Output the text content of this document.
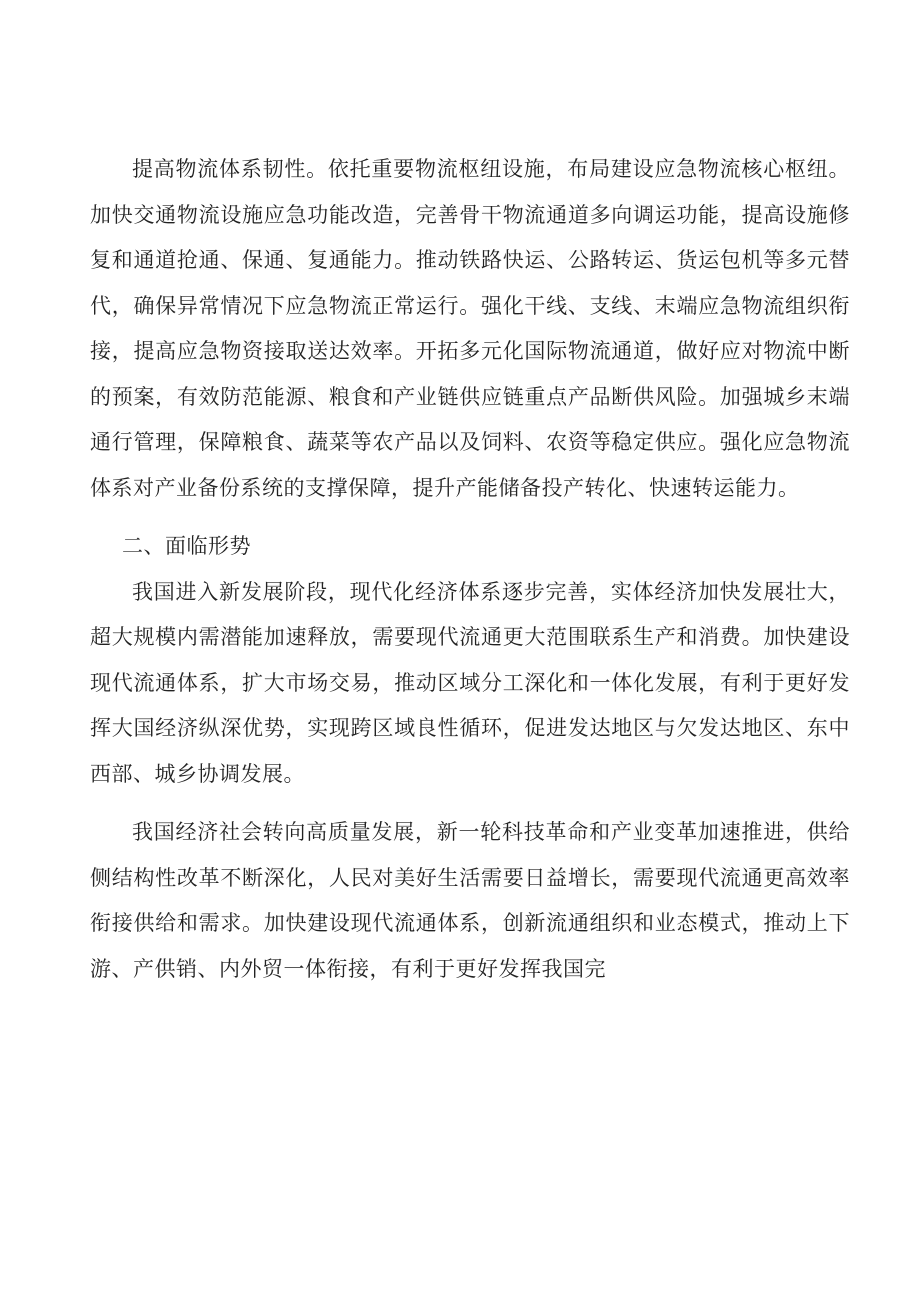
提高物流体系韧性。依托重要物流枢纽设施，布局建设应急物流核心枢纽。加快交通物流设施应急功能改造，完善骨干物流通道多向调运功能，提高设施修复和通道抢通、保通、复通能力。推动铁路快运、公路转运、货运包机等多元替代，确保异常情况下应急物流正常运行。强化干线、支线、末端应急物流组织衔接，提高应急物资接取送达效率。开拓多元化国际物流通道，做好应对物流中断的预案，有效防范能源、粮食和产业链供应链重点产品断供风险。加强城乡末端通行管理，保障粮食、蔬菜等农产品以及饲料、农资等稳定供应。强化应急物流体系对产业备份系统的支撑保障，提升产能储备投产转化、快速转运能力。

二、面临形势

我国进入新发展阶段，现代化经济体系逐步完善，实体经济加快发展壮大，超大规模内需潜能加速释放，需要现代流通更大范围联系生产和消费。加快建设现代流通体系，扩大市场交易，推动区域分工深化和一体化发展，有利于更好发挥大国经济纵深优势，实现跨区域良性循环，促进发达地区与欠发达地区、东中西部、城乡协调发展。

我国经济社会转向高质量发展，新一轮科技革命和产业变革加速推进，供给侧结构性改革不断深化，人民对美好生活需要日益增长，需要现代流通更高效率衔接供给和需求。加快建设现代流通体系，创新流通组织和业态模式，推动上下游、产供销、内外贸一体衔接，有利于更好发挥我国完
